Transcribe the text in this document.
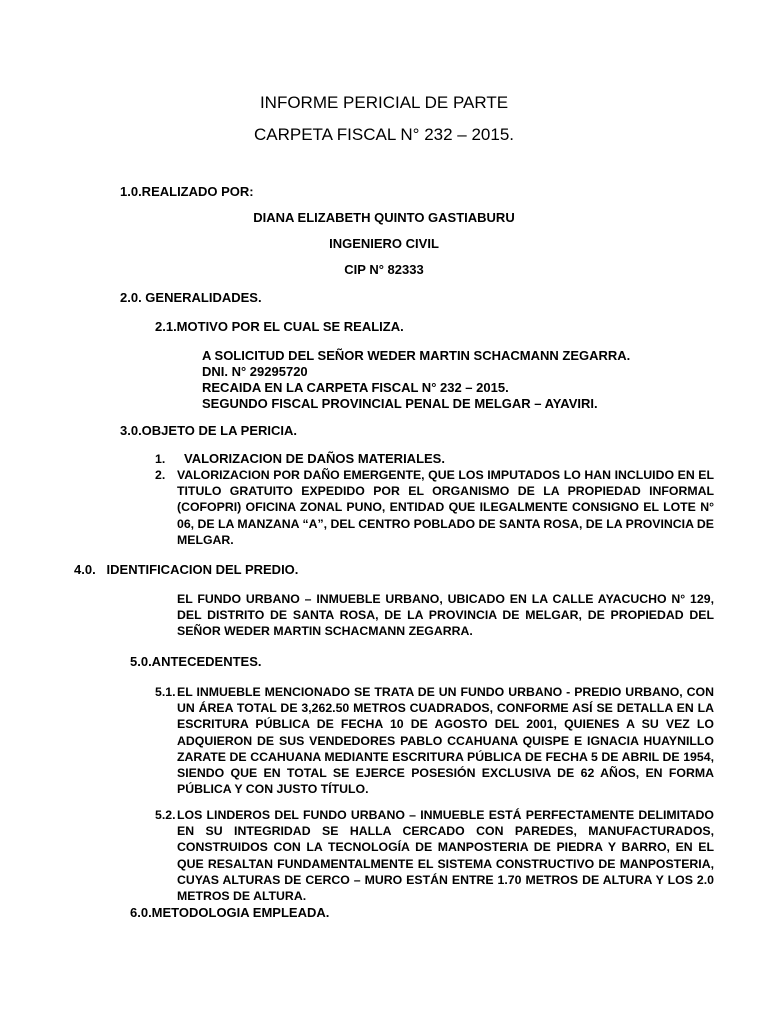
INFORME PERICIAL DE PARTE
CARPETA FISCAL N° 232 – 2015.
1.0.REALIZADO POR:
DIANA ELIZABETH QUINTO GASTIABURU
INGENIERO CIVIL
CIP N° 82333
2.0. GENERALIDADES.
2.1.MOTIVO POR EL CUAL SE REALIZA.
A SOLICITUD DEL SEÑOR WEDER MARTIN SCHACMANN ZEGARRA.
DNI. N° 29295720
RECAIDA EN LA CARPETA FISCAL N° 232 – 2015.
SEGUNDO FISCAL PROVINCIAL PENAL DE MELGAR – AYAVIRI.
3.0.OBJETO DE LA PERICIA.
1. VALORIZACION DE DAÑOS MATERIALES.
2. VALORIZACION POR DAÑO EMERGENTE, QUE LOS IMPUTADOS LO HAN INCLUIDO EN EL TITULO GRATUITO EXPEDIDO POR EL ORGANISMO DE LA PROPIEDAD INFORMAL (COFOPRI) OFICINA ZONAL PUNO, ENTIDAD QUE ILEGALMENTE CONSIGNO EL LOTE N° 06, DE LA MANZANA “A”, DEL CENTRO POBLADO DE SANTA ROSA, DE LA PROVINCIA DE MELGAR.
4.0.   IDENTIFICACION DEL PREDIO.
EL FUNDO URBANO – INMUEBLE URBANO, UBICADO EN LA CALLE AYACUCHO N° 129, DEL DISTRITO DE SANTA ROSA, DE LA PROVINCIA DE MELGAR, DE PROPIEDAD DEL SEÑOR WEDER MARTIN SCHACMANN ZEGARRA.
5.0.ANTECEDENTES.
5.1. EL INMUEBLE MENCIONADO SE TRATA DE UN FUNDO URBANO - PREDIO URBANO, CON UN ÁREA TOTAL DE 3,262.50 METROS CUADRADOS, CONFORME ASÍ SE DETALLA EN LA ESCRITURA PÚBLICA DE FECHA 10 DE AGOSTO DEL 2001, QUIENES A SU VEZ LO ADQUIERON DE SUS VENDEDORES PABLO CCAHUANA QUISPE E IGNACIA HUAYNILLO ZARATE DE CCAHUANA MEDIANTE ESCRITURA PÚBLICA DE FECHA 5 DE ABRIL DE 1954, SIENDO QUE EN TOTAL SE EJERCE POSESIÓN EXCLUSIVA DE 62 AÑOS, EN FORMA PÚBLICA Y CON JUSTO TÍTULO.
5.2. LOS LINDEROS DEL FUNDO URBANO – INMUEBLE ESTÁ PERFECTAMENTE DELIMITADO EN SU INTEGRIDAD SE HALLA CERCADO CON PAREDES, MANUFACTURADOS, CONSTRUIDOS CON LA TECNOLOGÍA DE MANPOSTERIA DE PIEDRA Y BARRO, EN EL QUE RESALTAN FUNDAMENTALMENTE EL SISTEMA CONSTRUCTIVO DE MANPOSTERIA, CUYAS ALTURAS DE CERCO – MURO ESTÁN ENTRE 1.70 METROS DE ALTURA Y LOS 2.0 METROS DE ALTURA.
6.0.METODOLOGIA EMPLEADA.
